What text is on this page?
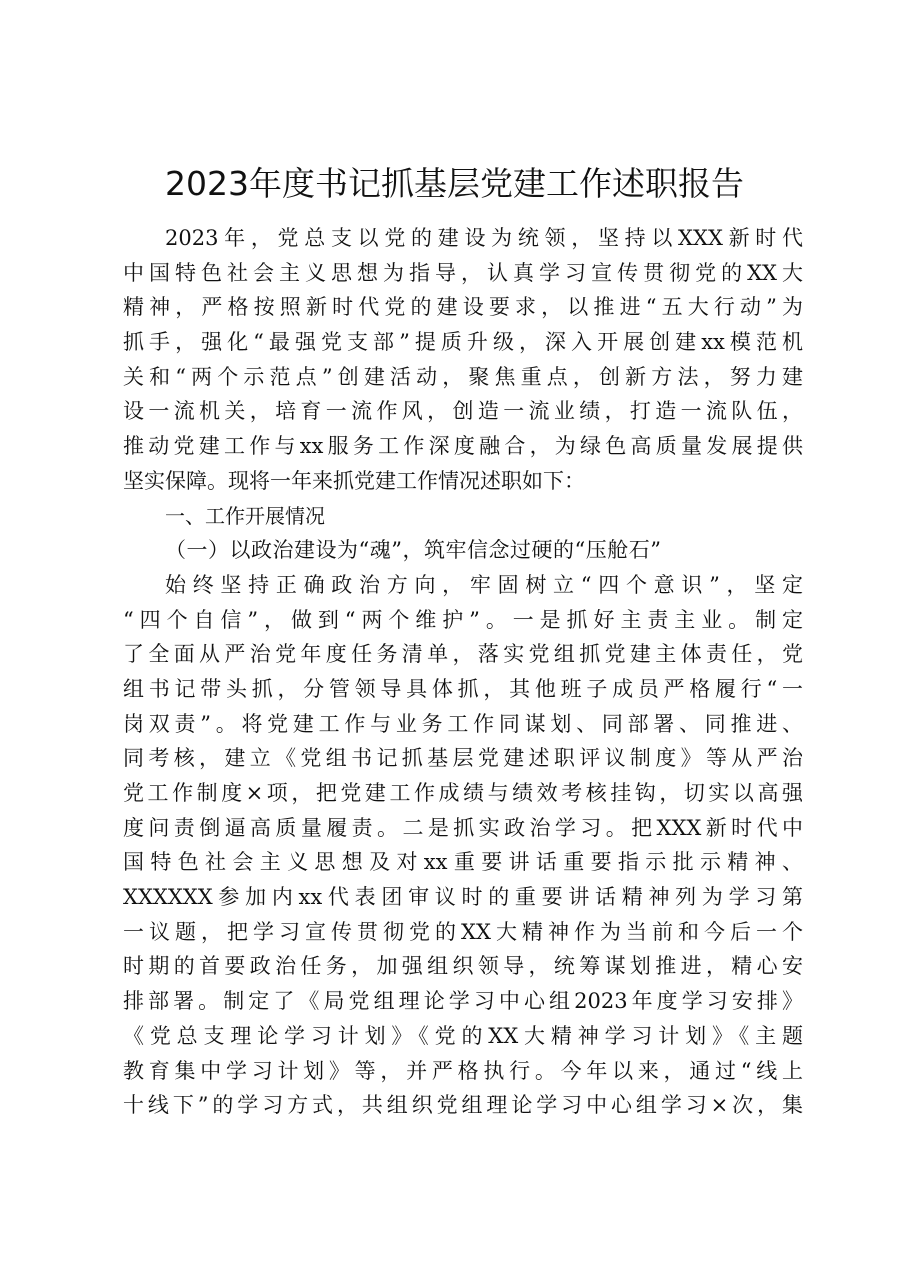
2023年度书记抓基层党建工作述职报告
2023年，党总支以党的建设为统领，坚持以XXX新时代
中国特色社会主义思想为指导，认真学习宣传贯彻党的XX大
精神，严格按照新时代党的建设要求，以推进“五大行动”为
抓手，强化“最强党支部”提质升级，深入开展创建xx模范机
关和“两个示范点”创建活动，聚焦重点，创新方法，努力建
设一流机关，培育一流作风，创造一流业绩，打造一流队伍，
推动党建工作与xx服务工作深度融合，为绿色高质量发展提供
坚实保障。现将一年来抓党建工作情况述职如下：
一、工作开展情况
（一）以政治建设为“魂”，筑牢信念过硬的“压舱石”
始终坚持正确政治方向，牢固树立“四个意识”，坚定
“四个自信”，做到“两个维护”。一是抓好主责主业。制定
了全面从严治党年度任务清单，落实党组抓党建主体责任，党
组书记带头抓，分管领导具体抓，其他班子成员严格履行“一
岗双责”。将党建工作与业务工作同谋划、同部署、同推进、
同考核，建立《党组书记抓基层党建述职评议制度》等从严治
党工作制度×项，把党建工作成绩与绩效考核挂钩，切实以高强
度问责倒逼高质量履责。二是抓实政治学习。把XXX新时代中
国特色社会主义思想及对xx重要讲话重要指示批示精神、
XXXXXX参加内xx代表团审议时的重要讲话精神列为学习第
一议题，把学习宣传贯彻党的XX大精神作为当前和今后一个
时期的首要政治任务，加强组织领导，统筹谋划推进，精心安
排部署。制定了《局党组理论学习中心组2023年度学习安排》
《党总支理论学习计划》《党的XX大精神学习计划》《主题
教育集中学习计划》等，并严格执行。今年以来，通过“线上
十线下”的学习方式，共组织党组理论学习中心组学习×次，集
